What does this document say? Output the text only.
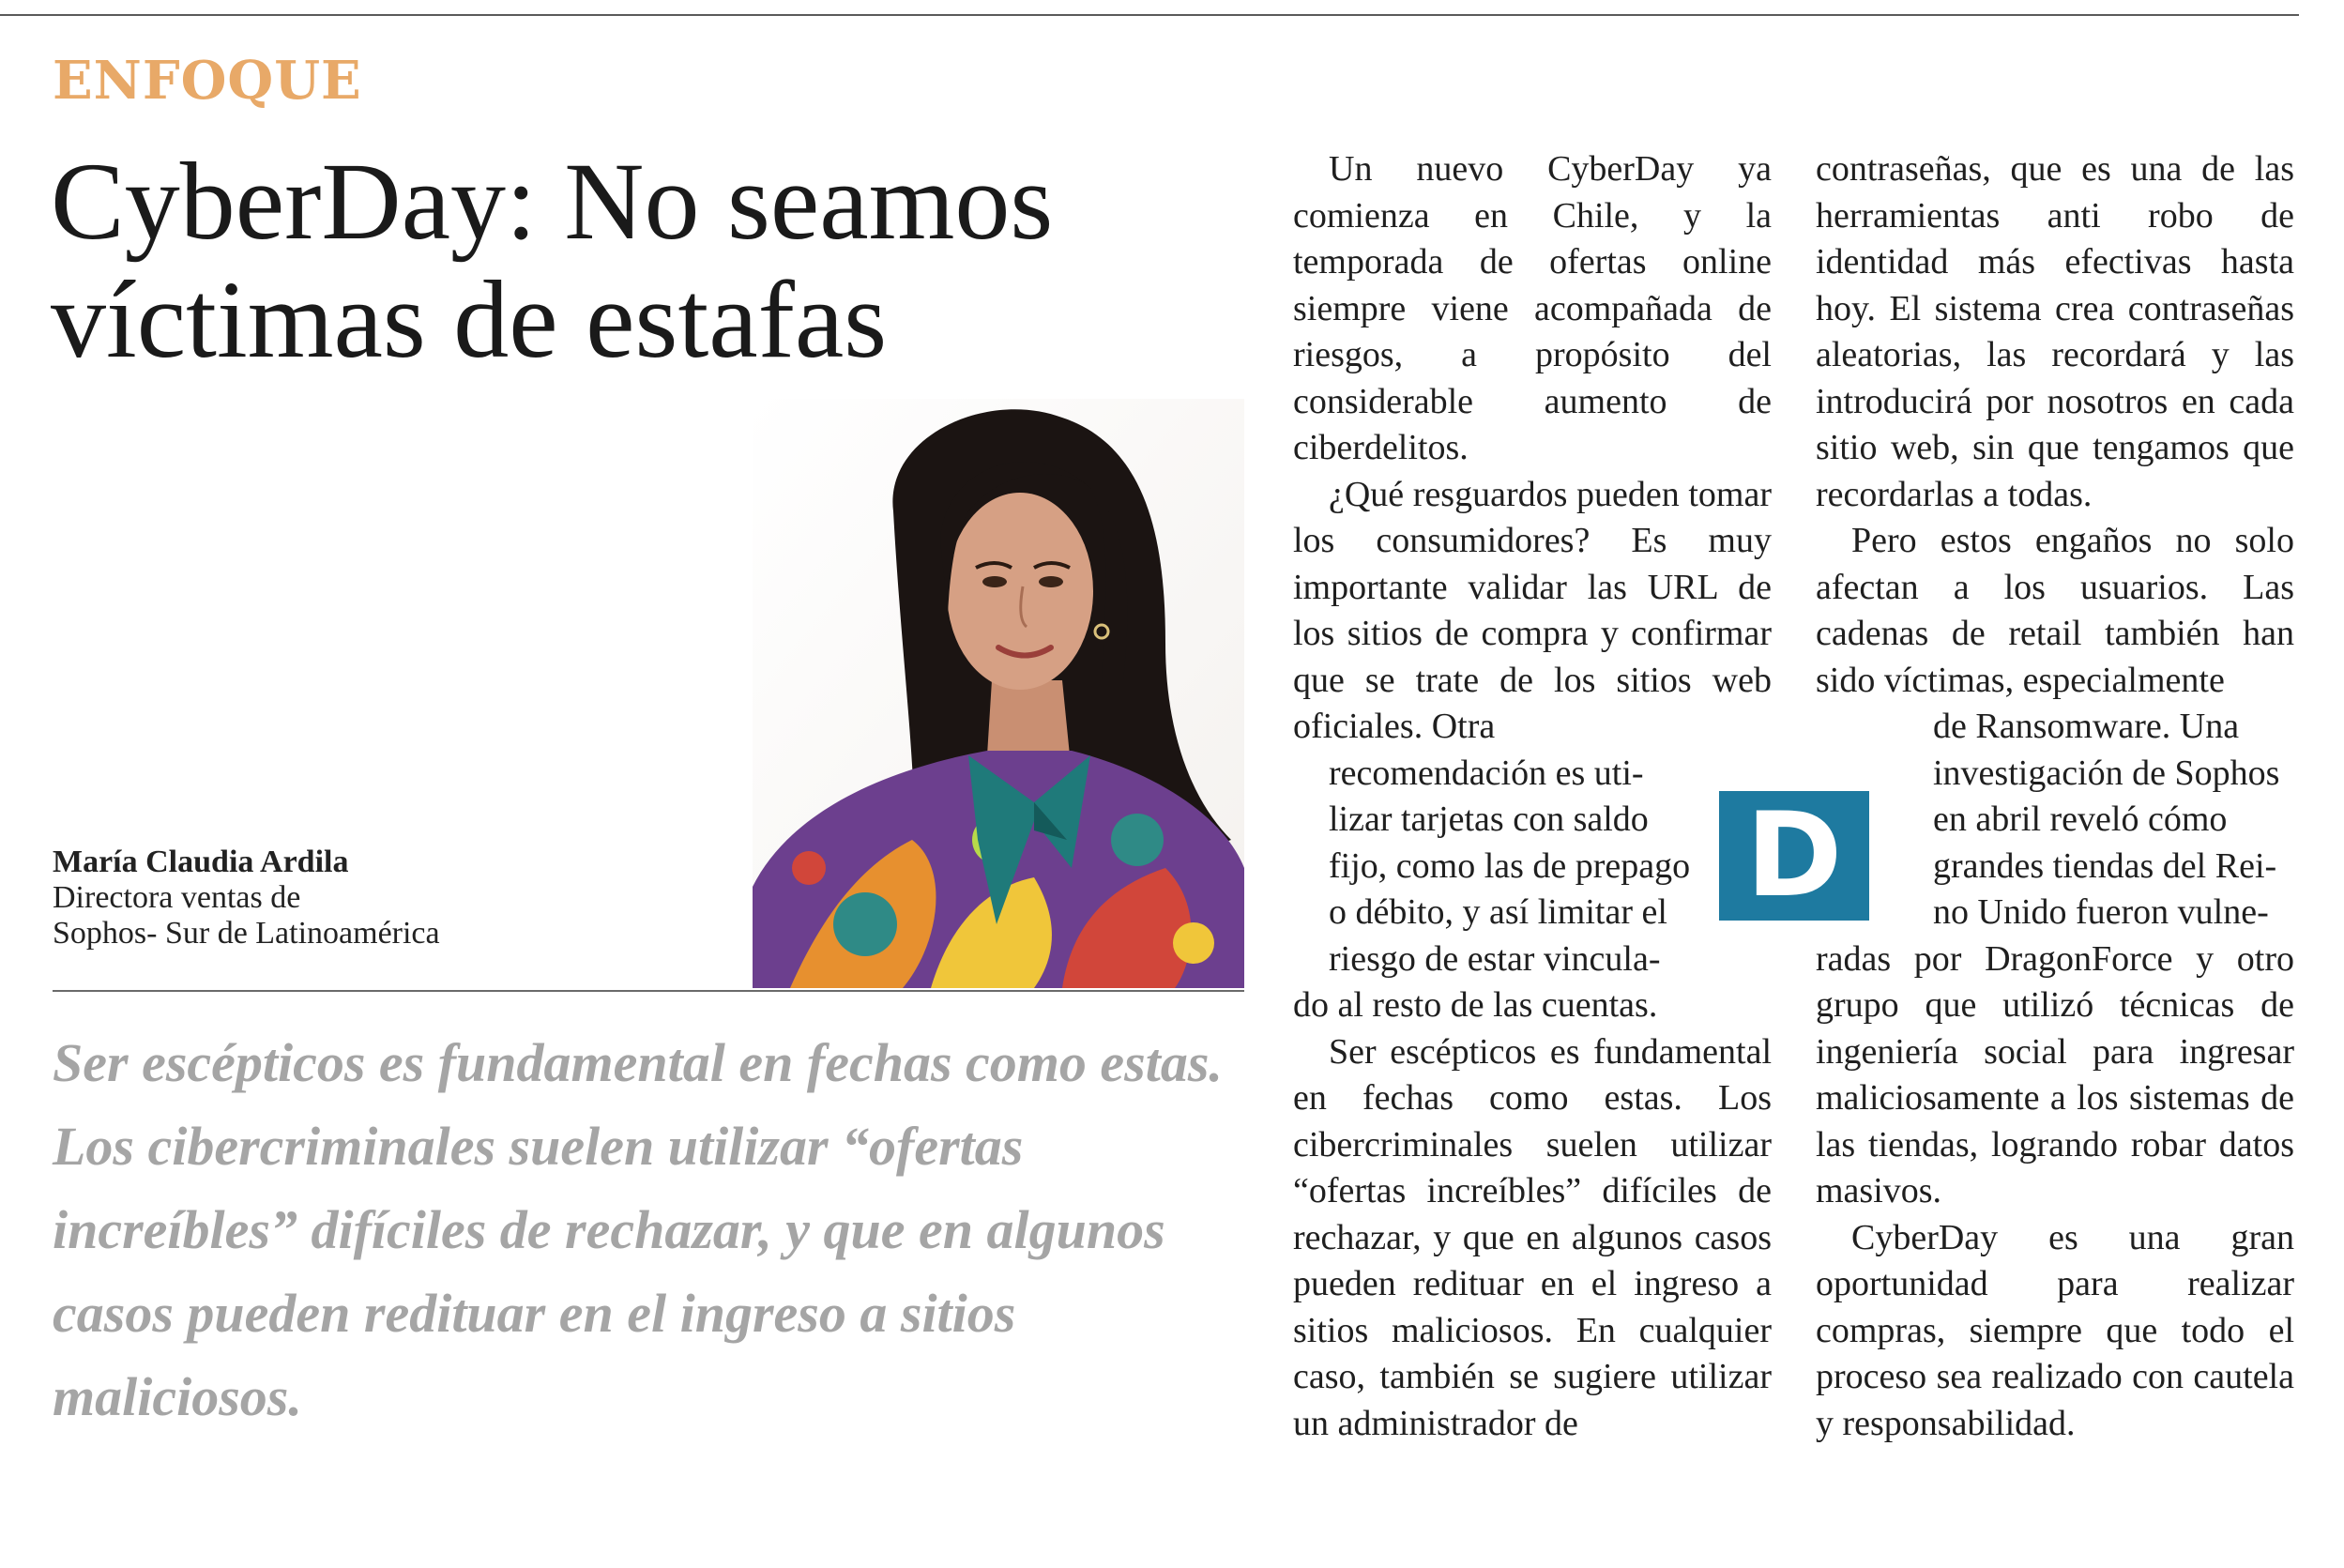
ENFOQUE
CyberDay: No seamos víctimas de estafas
María Claudia Ardila
Directora ventas de
Sophos- Sur de Latinoamérica

Ser escépticos es fundamental en fechas como estas. Los cibercriminales suelen utilizar “ofertas increíbles” difíciles de rechazar, y que en algunos casos pueden redituar en el ingreso a sitios maliciosos.

Un nuevo CyberDay ya comienza en Chile, y la temporada de ofertas online siempre viene acompañada de riesgos, a propósito del considerable aumento de ciberdelitos.

¿Qué resguardos pueden tomar los consumidores? Es muy importante validar las URL de los sitios de compra y confirmar que se trate de los sitios web oficiales. Otra
recomendación es uti-
lizar tarjetas con saldo
fijo, como las de prepago
o débito, y así limitar el
riesgo de estar vincula-
do al resto de las cuentas.

Ser escépticos es fundamental en fechas como estas. Los cibercriminales suelen utilizar “ofertas increíbles” difíciles de rechazar, y que en algunos casos pueden redituar en el ingreso a sitios maliciosos. En cualquier caso, también se sugiere utilizar un administrador de

D

contraseñas, que es una de las herramientas anti robo de identidad más efectivas hasta hoy. El sistema crea contraseñas aleatorias, las recordará y las introducirá por nosotros en cada sitio web, sin que tengamos que recordarlas a todas.

Pero estos engaños no solo afectan a los usuarios. Las cadenas de retail también han sido víctimas, especialmente
de Ransomware. Una
investigación de Sophos
en abril reveló cómo
grandes tiendas del Rei-
no Unido fueron vulne-
radas por DragonForce y otro grupo que utilizó técnicas de ingeniería social para ingresar maliciosamente a los sistemas de las tiendas, logrando robar datos masivos.

CyberDay es una gran oportunidad para realizar compras, siempre que todo el proceso sea realizado con cautela y responsabilidad.
